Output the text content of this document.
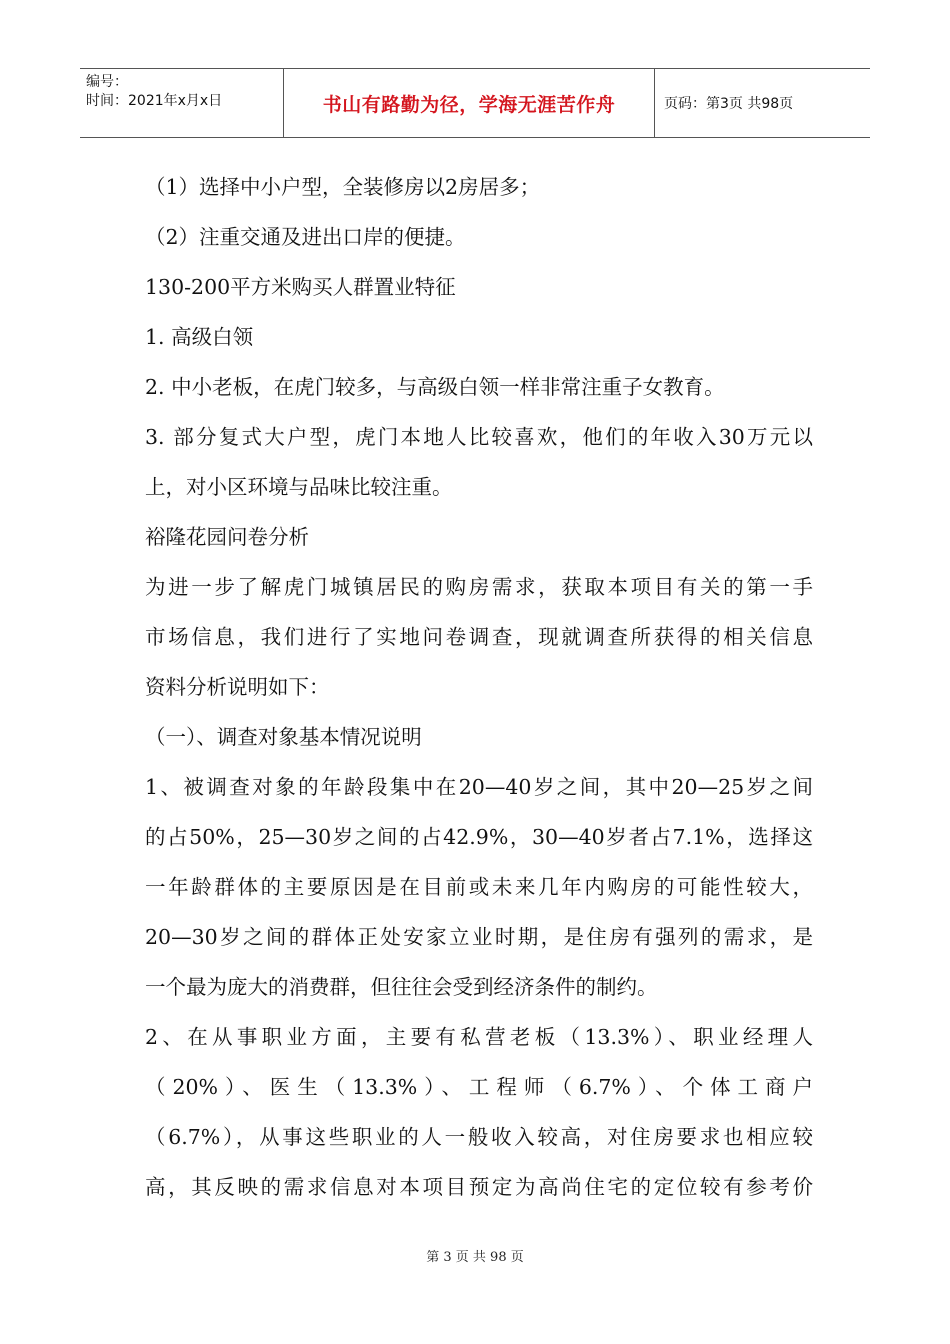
编号：
时间：2021年x月x日	书山有路勤为径，学海无涯苦作舟	页码：第3页 共98页
（1）选择中小户型，全装修房以2房居多；
（2）注重交通及进出口岸的便捷。
130-200平方米购买人群置业特征
1. 高级白领
2. 中小老板，在虎门较多，与高级白领一样非常注重子女教育。
3. 部分复式大户型，虎门本地人比较喜欢，他们的年收入30万元以
上，对小区环境与品味比较注重。
裕隆花园问卷分析
为进一步了解虎门城镇居民的购房需求，获取本项目有关的第一手
市场信息，我们进行了实地问卷调查，现就调查所获得的相关信息
资料分析说明如下：
（一）、调查对象基本情况说明
1、被调查对象的年龄段集中在20—40岁之间，其中20—25岁之间
的占50%，25—30岁之间的占42.9%，30—40岁者占7.1%，选择这
一年龄群体的主要原因是在目前或未来几年内购房的可能性较大，
20—30岁之间的群体正处安家立业时期，是住房有强列的需求，是
一个最为庞大的消费群，但往往会受到经济条件的制约。
2、在从事职业方面，主要有私营老板（13.3%）、职业经理人
（20%）、医生（13.3%）、工程师（6.7%）、个体工商户
（6.7%），从事这些职业的人一般收入较高，对住房要求也相应较
高，其反映的需求信息对本项目预定为高尚住宅的定位较有参考价
第 3 页 共 98 页
